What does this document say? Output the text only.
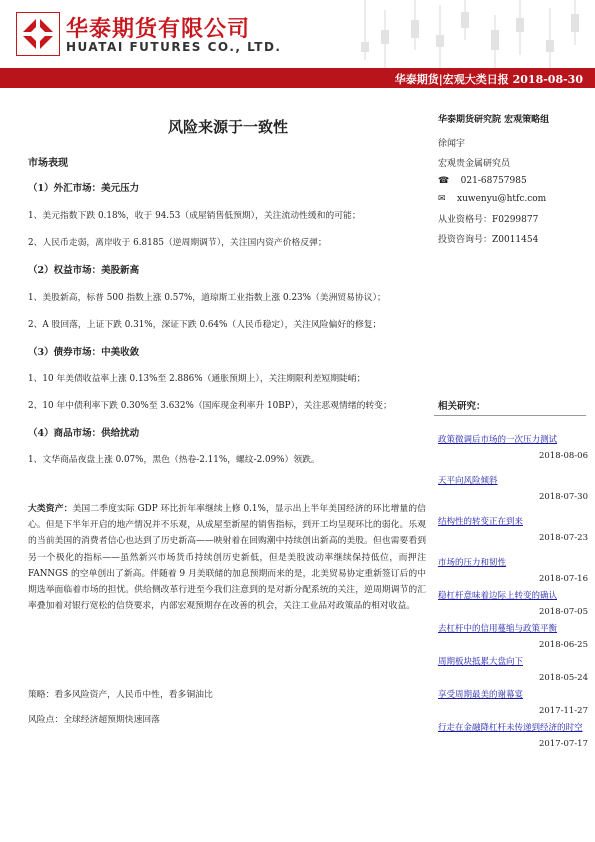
华泰期货有限公司
HUATAI FUTURES CO., LTD.
华泰期货|宏观大类日报 2018-08-30
风险来源于一致性
市场表现
（1）外汇市场：美元压力
1、美元指数下跌 0.18%，收于 94.53（成屋销售低预期），关注流动性缓和的可能；
2、人民币走弱，离岸收于 6.8185（逆周期调节），关注国内资产价格反弹；
（2）权益市场：美股新高
1、美股新高，标普 500 指数上涨 0.57%，道琼斯工业指数上涨 0.23%（美洲贸易协议）；
2、A 股回落，上证下跌 0.31%，深证下跌 0.64%（人民币稳定），关注风险偏好的修复；
（3）债券市场：中美收敛
1、10 年美债收益率上涨 0.13%至 2.886%（通胀预期上），关注期限利差短期陡峭；
2、10 年中债利率下跌 0.30%至 3.632%（国库现金利率升 10BP），关注恶观情绪的转变；
（4）商品市场：供给扰动
1、文华商品夜盘上涨 0.07%，黑色（热卷-2.11%，螺纹-2.09%）领跌。
大类资产：美国二季度实际 GDP 环比折年率继续上修 0.1%，显示出上半年美国经济的环比增量的信心。但是下半年开启的地产情况并不乐观，从成屋至新屋的销售指标，到开工均呈现环比的弱化。乐观的当前美国的消费者信心也达到了历史新高——映射着在回购潮中持续创出新高的美股。但也需要看到另一个极化的指标——虽然新兴市场货币持续创历史新低，但是美股波动率继续保持低位，而押注 FANNGS 的空单创出了新高。伴随着 9 月美联储的加息预期而来的是，北美贸易协定重新签订后的中期选举面临着市场的担忧。供给侧改革行进至今我们注意到的是对新分配系统的关注，逆周期调节的汇率叠加着对银行宽松的信贷要求，内部宏观预期存在改善的机会，关注工业品对政策品的相对收益。
策略：看多风险资产，人民币中性，看多铜油比
风险点：全球经济超预期快速回落
华泰期货研究院 宏观策略组
徐闻宇
宏观贵金属研究员
☎ 021-68757985
✉ xuwenyu@htfc.com
从业资格号：F0299877
投资咨询号：Z0011454
相关研究：
政策微调后市场的一次压力测试
2018-08-06
天平向风险倾斜
2018-07-30
结构性的转变正在到来
2018-07-23
市场的压力和韧性
2018-07-16
稳杠杆意味着边际上转变的确认
2018-07-05
去杠杆中的信用蔓缩与政策平衡
2018-06-25
周期板块抵累大盘向下
2018-05-24
享受周期最美的谢幕宴
2017-11-27
行走在金融降杠杆未传递到经济的时空
2017-07-17
